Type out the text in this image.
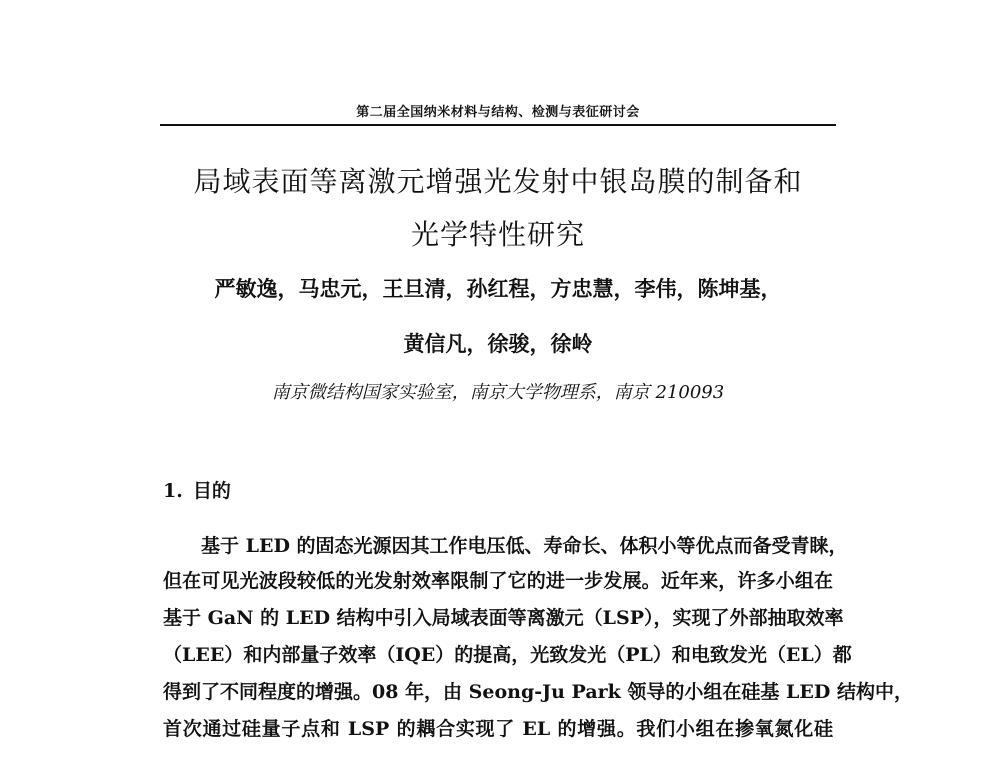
第二届全国纳米材料与结构、检测与表征研讨会
局域表面等离激元增强光发射中银岛膜的制备和
光学特性研究
严敏逸，马忠元，王旦清，孙红程，方忠慧，李伟，陈坤基，
黄信凡，徐骏，徐岭
南京微结构国家实验室，南京大学物理系，南京 210093
1. 目的
基于 LED 的固态光源因其工作电压低、寿命长、体积小等优点而备受青睐，
但在可见光波段较低的光发射效率限制了它的进一步发展。近年来，许多小组在
基于 GaN 的 LED 结构中引入局域表面等离激元（LSP），实现了外部抽取效率
（LEE）和内部量子效率（IQE）的提高，光致发光（PL）和电致发光（EL）都
得到了不同程度的增强。08 年，由 Seong-Ju Park 领导的小组在硅基 LED 结构中，
首次通过硅量子点和 LSP 的耦合实现了 EL 的增强。我们小组在掺氧氮化硅
